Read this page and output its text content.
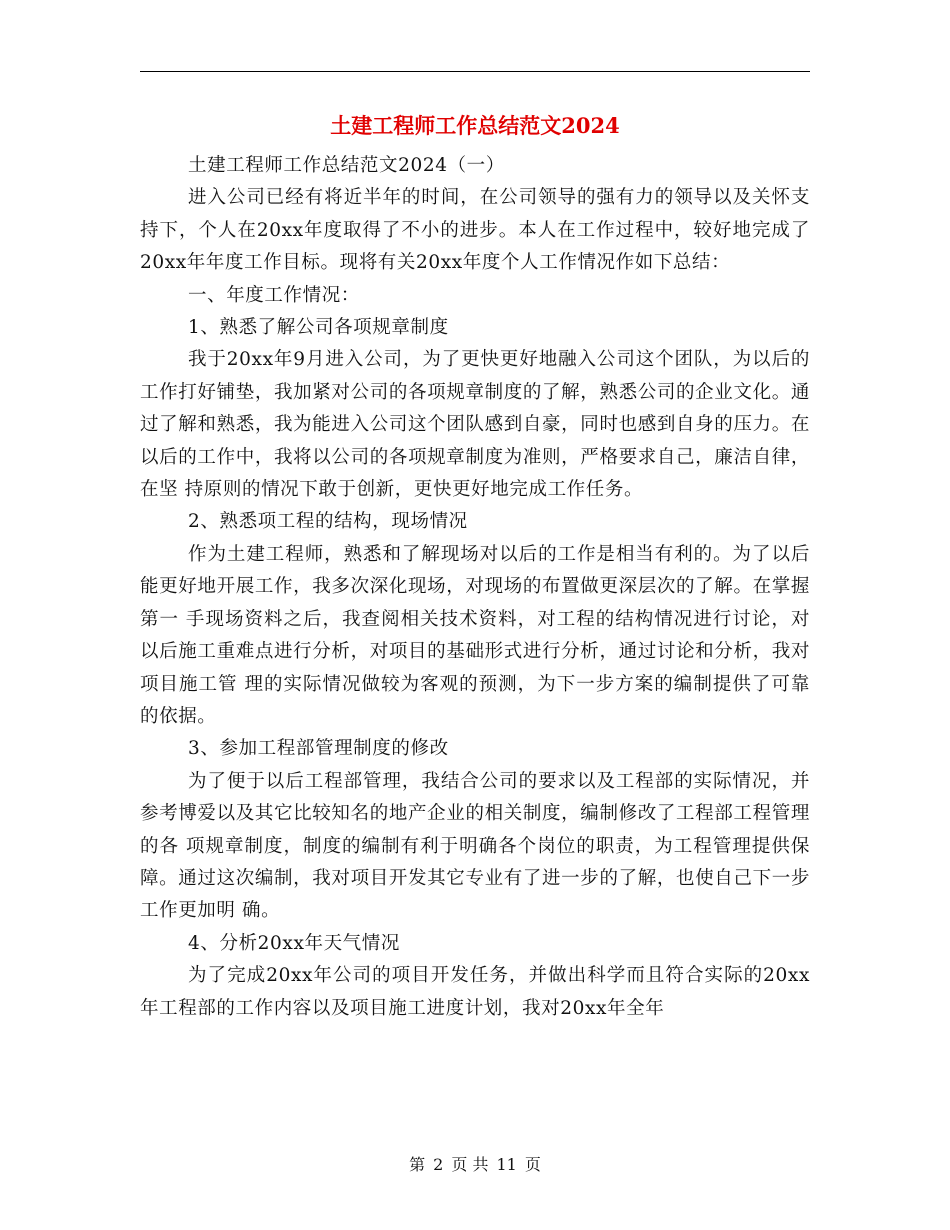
土建工程师工作总结范文2024

土建工程师工作总结范文2024（一）

进入公司已经有将近半年的时间，在公司领导的强有力的领导以及关怀支持下，个人在20xx年度取得了不小的进步。本人在工作过程中，较好地完成了20xx年年度工作目标。现将有关20xx年度个人工作情况作如下总结：

一、年度工作情况：

1、熟悉了解公司各项规章制度

我于20xx年9月进入公司，为了更快更好地融入公司这个团队，为以后的工作打好铺垫，我加紧对公司的各项规章制度的了解，熟悉公司的企业文化。通 过了解和熟悉，我为能进入公司这个团队感到自豪，同时也感到自身的压力。在以后的工作中，我将以公司的各项规章制度为准则，严格要求自己，廉洁自律，在坚 持原则的情况下敢于创新，更快更好地完成工作任务。

2、熟悉项工程的结构，现场情况

作为土建工程师，熟悉和了解现场对以后的工作是相当有利的。为了以后能更好地开展工作，我多次深化现场，对现场的布置做更深层次的了解。在掌握第一 手现场资料之后，我查阅相关技术资料，对工程的结构情况进行讨论，对以后施工重难点进行分析，对项目的基础形式进行分析，通过讨论和分析，我对项目施工管 理的实际情况做较为客观的预测，为下一步方案的编制提供了可靠的依据。

3、参加工程部管理制度的修改

为了便于以后工程部管理，我结合公司的要求以及工程部的实际情况，并参考博爱以及其它比较知名的地产企业的相关制度，编制修改了工程部工程管理的各 项规章制度，制度的编制有利于明确各个岗位的职责，为工程管理提供保障。通过这次编制，我对项目开发其它专业有了进一步的了解，也使自己下一步工作更加明 确。

4、分析20xx年天气情况

为了完成20xx年公司的项目开发任务，并做出科学而且符合实际的20xx年工程部的工作内容以及项目施工进度计划，我对20xx年全年

第 2 页 共 11 页
